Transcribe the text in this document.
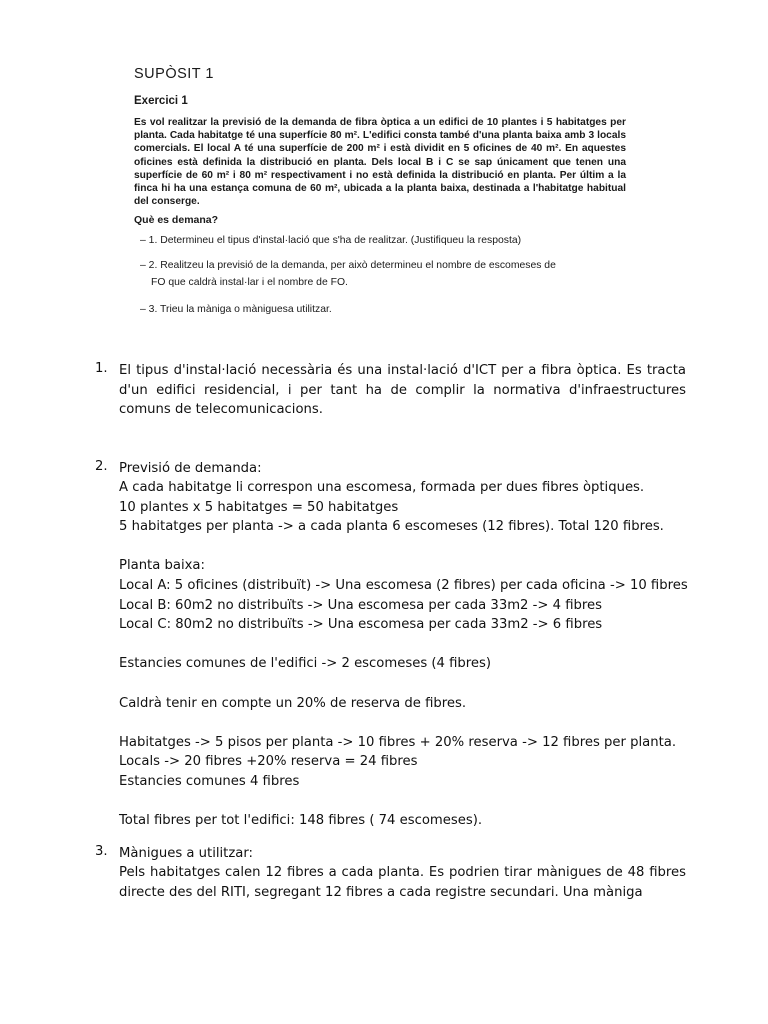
SUPÒSIT 1
Exercici 1

Es vol realitzar la previsió de la demanda de fibra òptica a un edifici de 10 plantes i 5 habitatges per planta. Cada habitatge té una superfície 80 m². L'edifici consta també d'una planta baixa amb 3 locals comercials. El local A té una superfície de 200 m² i està dividit en 5 oficines de 40 m². En aquestes oficines està definida la distribució en planta. Dels local B i C se sap únicament que tenen una superfície de 60 m² i 80 m² respectivament i no està definida la distribució en planta. Per últim a la finca hi ha una estança comuna de 60 m², ubicada a la planta baixa, destinada a l'habitatge habitual del conserge.

Què es demana?
– 1. Determineu el tipus d'instal·lació que s'ha de realitzar. (Justifiqueu la resposta)
– 2. Realitzeu la previsió de la demanda, per això determineu el nombre de escomeses de
FO que caldrà instal·lar i el nombre de FO.
– 3. Trieu la màniga o màniguesa utilitzar.
1. El tipus d'instal·lació necessària és una instal·lació d'ICT per a fibra òptica. Es tracta d'un edifici residencial, i per tant ha de complir la normativa d'infraestructures comuns de telecomunicacions.

2. Previsió de demanda:

A cada habitatge li correspon una escomesa, formada per dues fibres òptiques.

10 plantes x 5 habitatges = 50 habitatges

5 habitatges per planta -> a cada planta 6 escomeses (12 fibres). Total 120 fibres.

Planta baixa:

Local A: 5 oficines (distribuït) -> Una escomesa (2 fibres) per cada oficina -> 10 fibres

Local B: 60m2 no distribuïts -> Una escomesa per cada 33m2 -> 4 fibres

Local C: 80m2 no distribuïts -> Una escomesa per cada 33m2 -> 6 fibres

Estancies comunes de l'edifici -> 2 escomeses (4 fibres)

Caldrà tenir en compte un 20% de reserva de fibres.

Habitatges -> 5 pisos per planta -> 10 fibres + 20% reserva -> 12 fibres per planta.

Locals -> 20 fibres +20% reserva = 24 fibres

Estancies comunes 4 fibres

Total fibres per tot l'edifici: 148 fibres ( 74 escomeses).

3. Mànigues a utilitzar:

Pels habitatges calen 12 fibres a cada planta. Es podrien tirar mànigues de 48 fibres directe des del RITI, segregant 12 fibres a cada registre secundari. Una màniga
